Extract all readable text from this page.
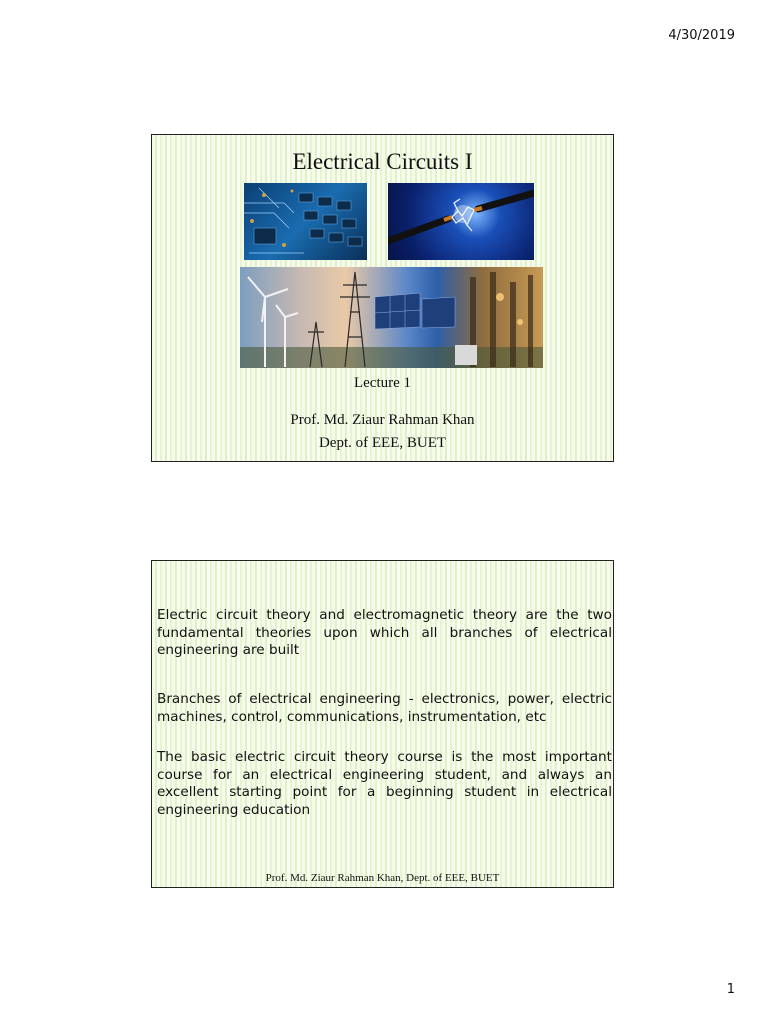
4/30/2019
Electrical Circuits I
Lecture 1
Prof. Md. Ziaur Rahman Khan
Dept. of EEE, BUET

Electric circuit theory and electromagnetic theory are the two fundamental theories upon which all branches of electrical engineering are built

Branches of electrical engineering - electronics, power, electric machines, control, communications, instrumentation, etc

The basic electric circuit theory course is the most important course for an electrical engineering student, and always an excellent starting point for a beginning student in electrical engineering education

Prof. Md. Ziaur Rahman Khan, Dept. of EEE, BUET
1
